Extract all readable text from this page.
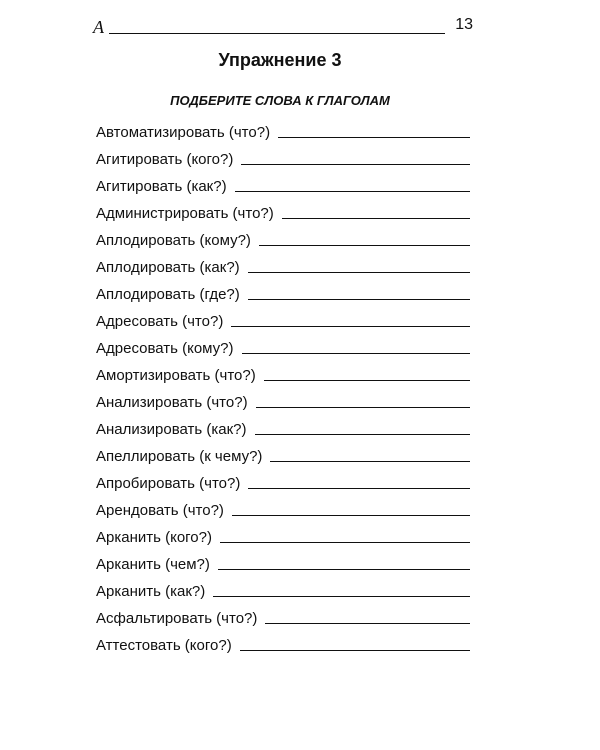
А	13
Упражнение 3
ПОДБЕРИТЕ СЛОВА К ГЛАГОЛАМ
Автоматизировать (что?)
Агитировать (кого?)
Агитировать (как?)
Администрировать (что?)
Аплодировать (кому?)
Аплодировать (как?)
Аплодировать (где?)
Адресовать (что?)
Адресовать (кому?)
Амортизировать (что?)
Анализировать (что?)
Анализировать (как?)
Апеллировать (к чему?)
Апробировать (что?)
Арендовать (что?)
Арканить (кого?)
Арканить (чем?)
Арканить (как?)
Асфальтировать (что?)
Аттестовать (кого?)
